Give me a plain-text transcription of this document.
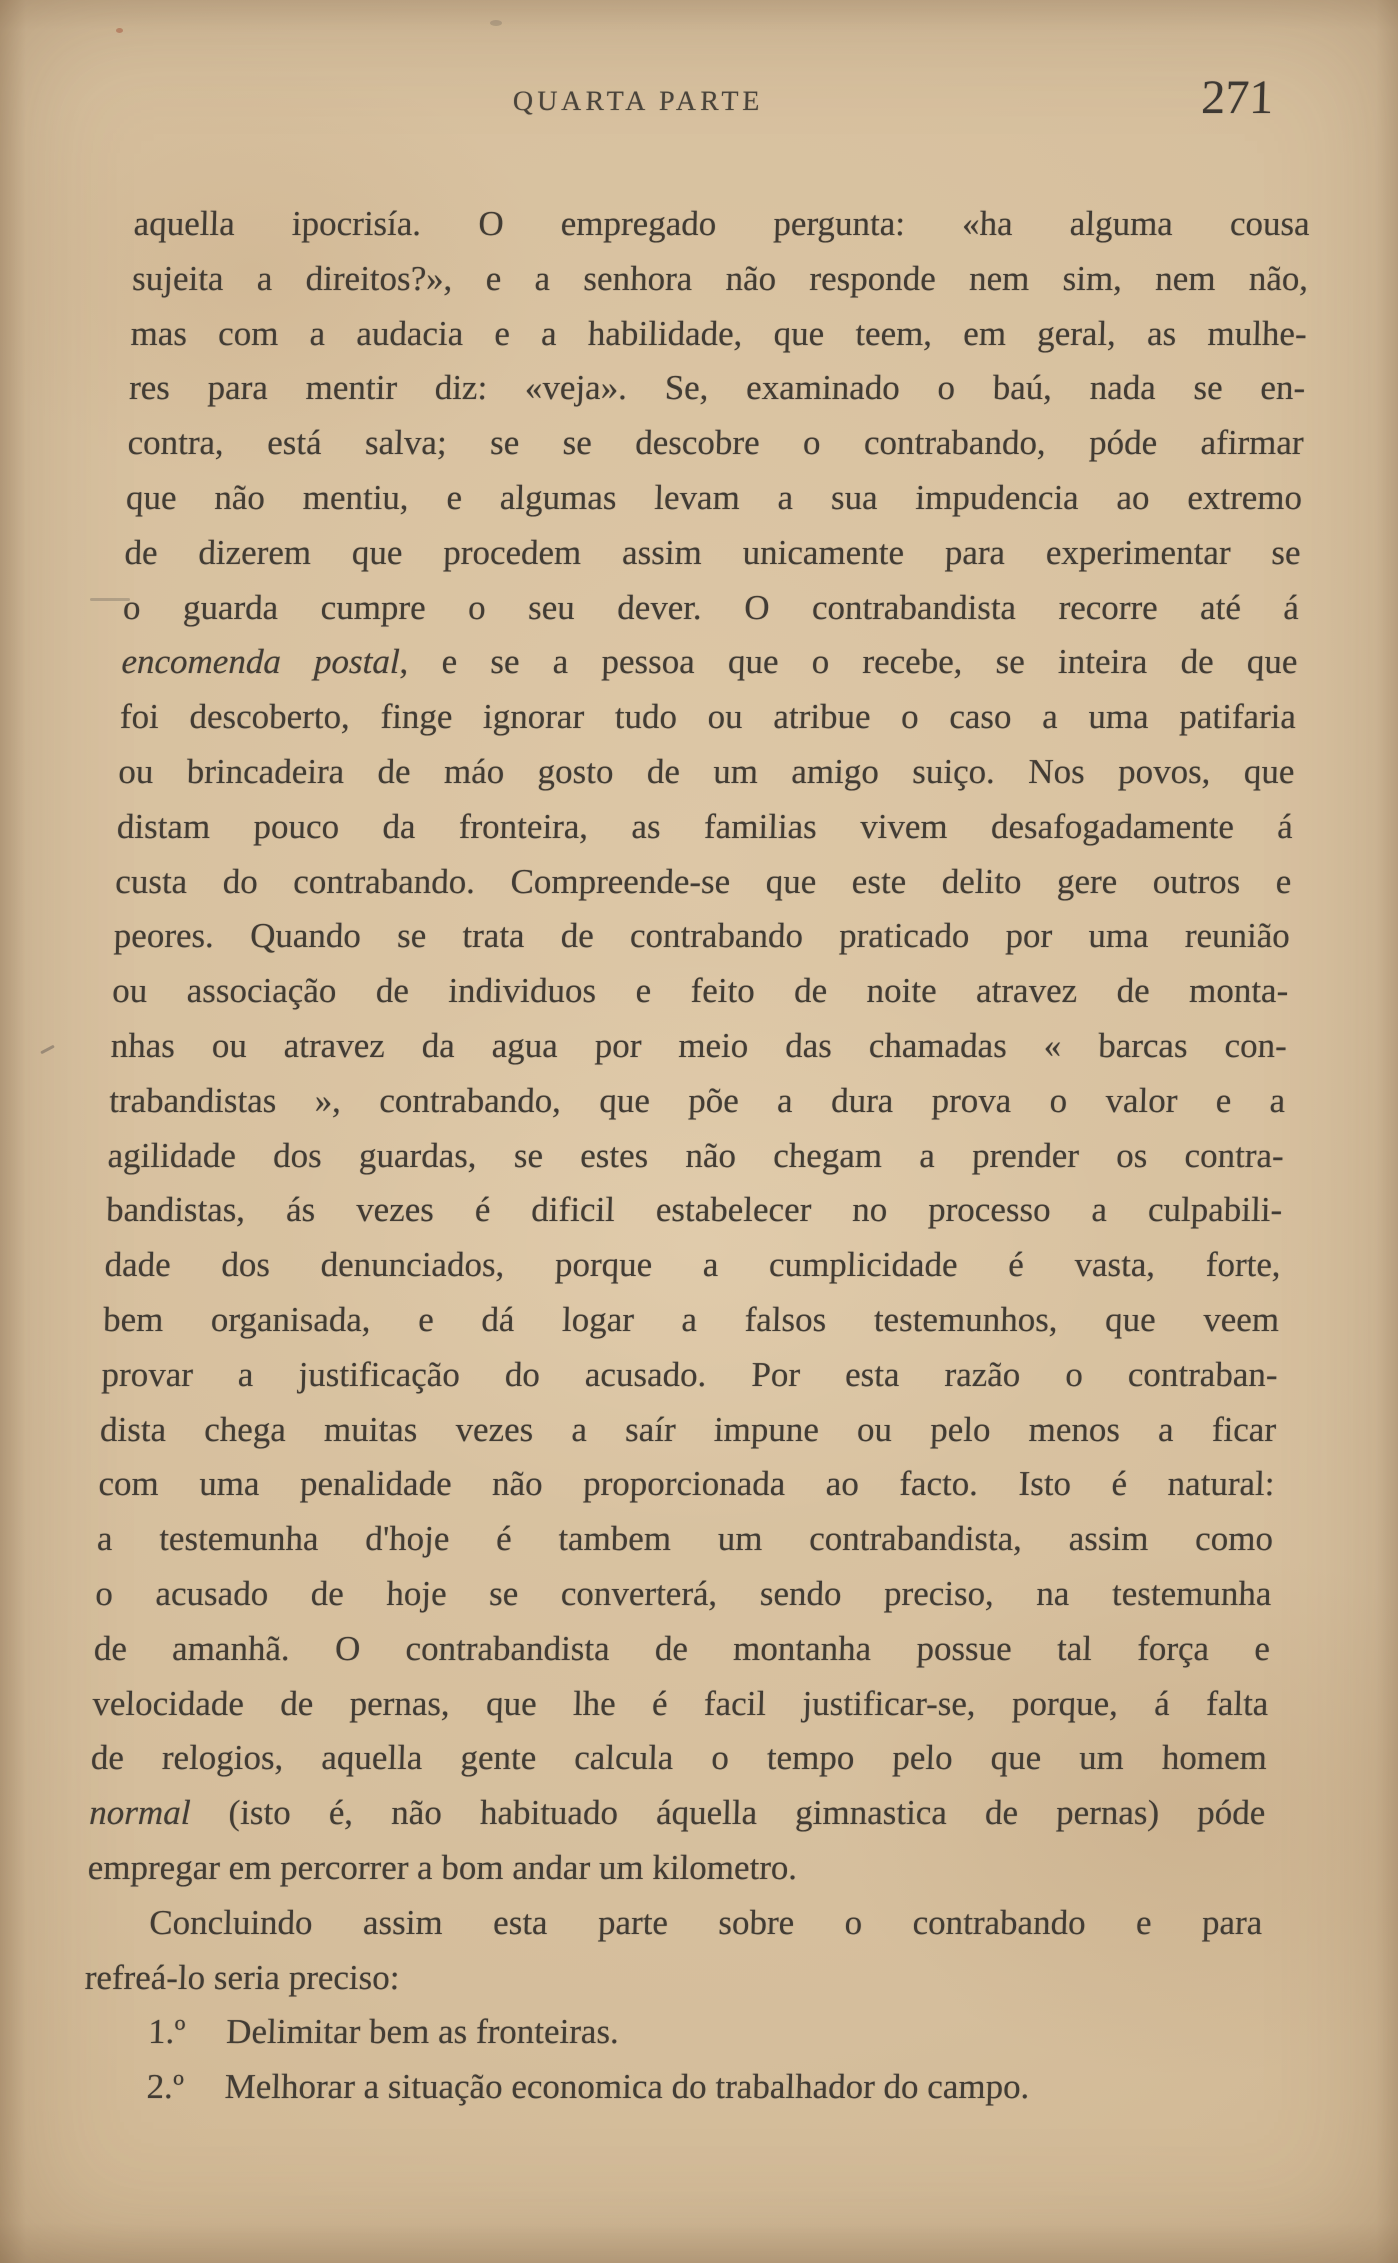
QUARTA PARTE	271
aquella ipocrisía. O empregado pergunta: «ha alguma cousa
sujeita a direitos?», e a senhora não responde nem sim, nem não,
mas com a audacia e a habilidade, que teem, em geral, as mulhe-
res para mentir diz: «veja». Se, examinado o baú, nada se en-
contra, está salva; se se descobre o contrabando, póde afirmar
que não mentiu, e algumas levam a sua impudencia ao extremo
de dizerem que procedem assim unicamente para experimentar se
o guarda cumpre o seu dever. O contrabandista recorre até á
encomenda postal, e se a pessoa que o recebe, se inteira de que
foi descoberto, finge ignorar tudo ou atribue o caso a uma patifaria
ou brincadeira de máo gosto de um amigo suiço. Nos povos, que
distam pouco da fronteira, as familias vivem desafogadamente á
custa do contrabando. Compreende-se que este delito gere outros e
peores. Quando se trata de contrabando praticado por uma reunião
ou associação de individuos e feito de noite atravez de monta-
nhas ou atravez da agua por meio das chamadas « barcas con-
trabandistas », contrabando, que põe a dura prova o valor e a
agilidade dos guardas, se estes não chegam a prender os contra-
bandistas, ás vezes é dificil estabelecer no processo a culpabili-
dade dos denunciados, porque a cumplicidade é vasta, forte,
bem organisada, e dá logar a falsos testemunhos, que veem
provar a justificação do acusado. Por esta razão o contraban-
dista chega muitas vezes a saír impune ou pelo menos a ficar
com uma penalidade não proporcionada ao facto. Isto é natural:
a testemunha d'hoje é tambem um contrabandista, assim como
o acusado de hoje se converterá, sendo preciso, na testemunha
de amanhã. O contrabandista de montanha possue tal força e
velocidade de pernas, que lhe é facil justificar-se, porque, á falta
de relogios, aquella gente calcula o tempo pelo que um homem
normal (isto é, não habituado áquella gimnastica de pernas) póde
empregar em percorrer a bom andar um kilometro.
Concluindo assim esta parte sobre o contrabando e para
refreá-lo seria preciso:
1.º Delimitar bem as fronteiras.
2.º Melhorar a situação economica do trabalhador do campo.
